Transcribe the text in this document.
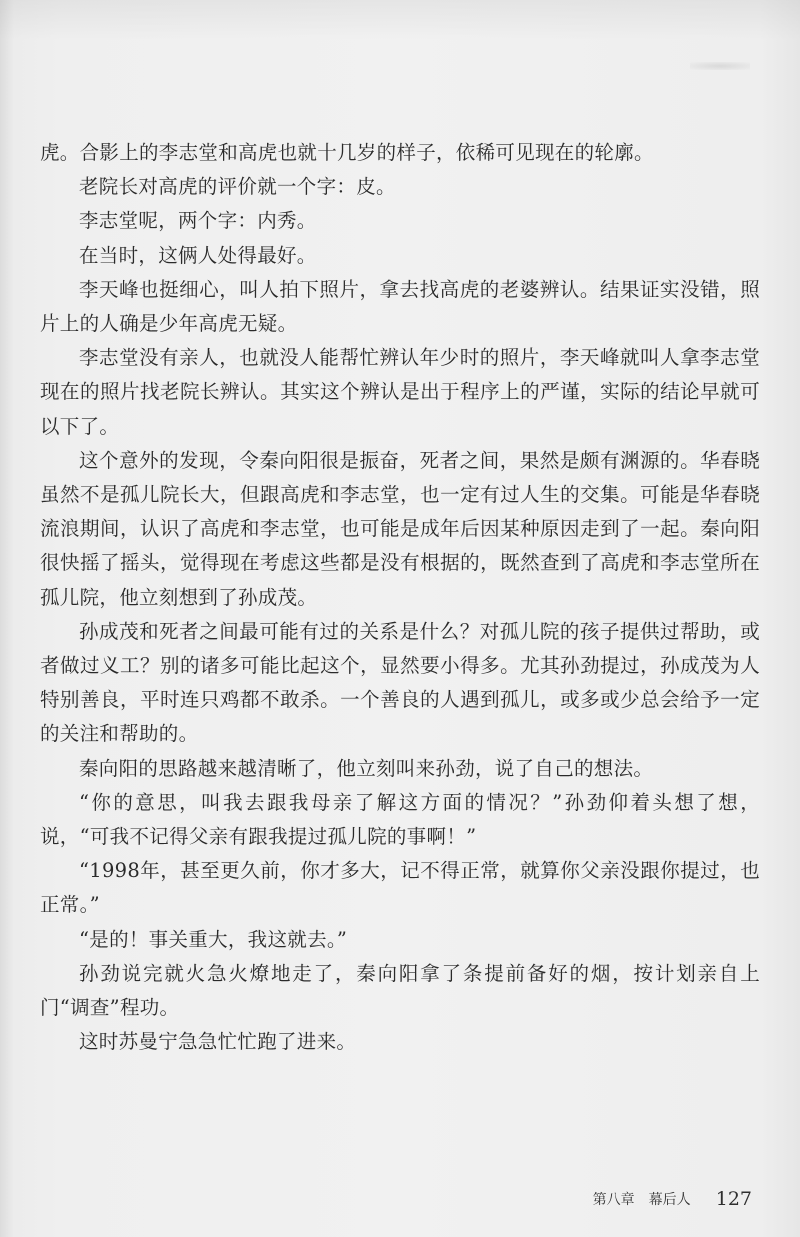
虎。合影上的李志堂和高虎也就十几岁的样子，依稀可见现在的轮廓。

老院长对高虎的评价就一个字：皮。

李志堂呢，两个字：内秀。

在当时，这俩人处得最好。

李天峰也挺细心，叫人拍下照片，拿去找高虎的老婆辨认。结果证实没错，照片上的人确是少年高虎无疑。

李志堂没有亲人，也就没人能帮忙辨认年少时的照片，李天峰就叫人拿李志堂现在的照片找老院长辨认。其实这个辨认是出于程序上的严谨，实际的结论早就可以下了。

这个意外的发现，令秦向阳很是振奋，死者之间，果然是颇有渊源的。华春晓虽然不是孤儿院长大，但跟高虎和李志堂，也一定有过人生的交集。可能是华春晓流浪期间，认识了高虎和李志堂，也可能是成年后因某种原因走到了一起。秦向阳很快摇了摇头，觉得现在考虑这些都是没有根据的，既然查到了高虎和李志堂所在孤儿院，他立刻想到了孙成茂。

孙成茂和死者之间最可能有过的关系是什么？对孤儿院的孩子提供过帮助，或者做过义工？别的诸多可能比起这个，显然要小得多。尤其孙劲提过，孙成茂为人特别善良，平时连只鸡都不敢杀。一个善良的人遇到孤儿，或多或少总会给予一定的关注和帮助的。

秦向阳的思路越来越清晰了，他立刻叫来孙劲，说了自己的想法。

“你的意思，叫我去跟我母亲了解这方面的情况？”孙劲仰着头想了想，说，“可我不记得父亲有跟我提过孤儿院的事啊！”

“1998年，甚至更久前，你才多大，记不得正常，就算你父亲没跟你提过，也正常。”

“是的！事关重大，我这就去。”

孙劲说完就火急火燎地走了，秦向阳拿了条提前备好的烟，按计划亲自上门“调查”程功。

这时苏曼宁急急忙忙跑了进来。

第八章　幕后人 127
